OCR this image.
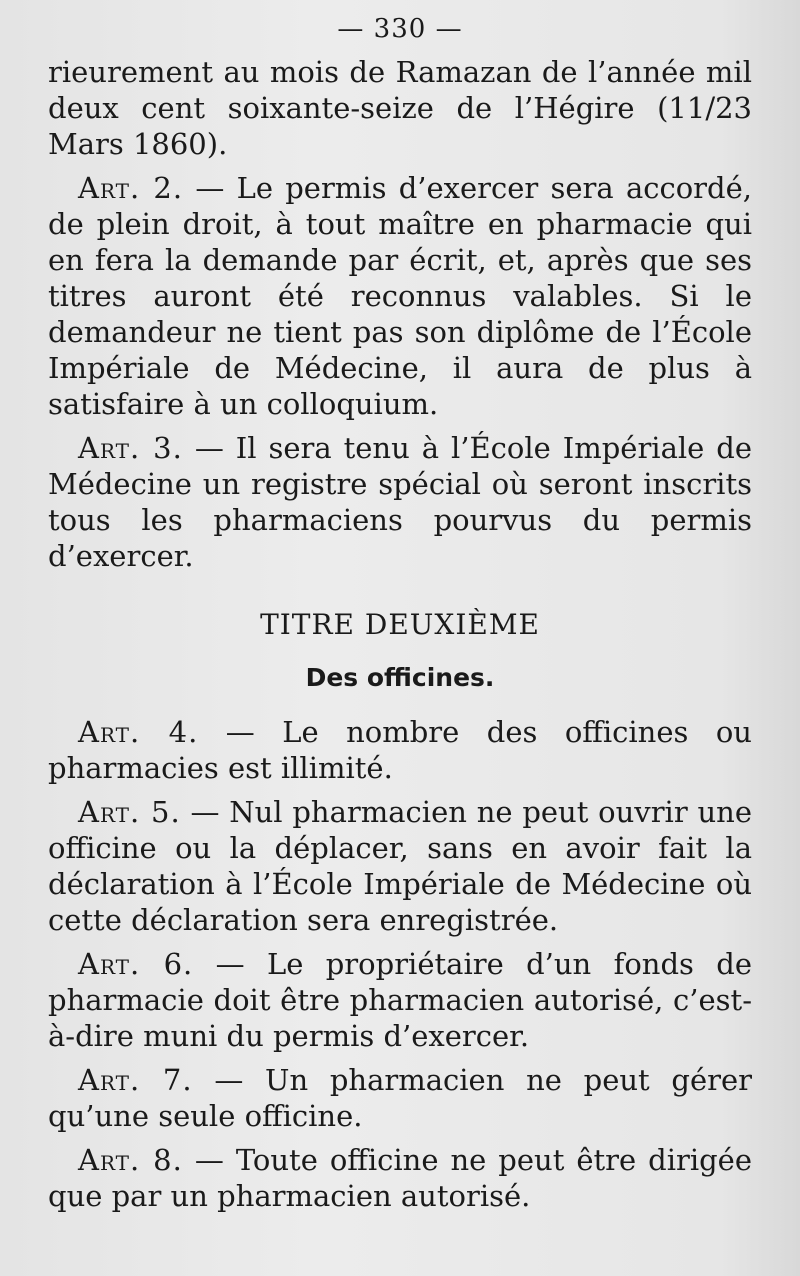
— 330 —

rieurement au mois de Ramazan de l’année mil deux cent soixante-seize de l’Hégire (11/23 Mars 1860).

Art. 2. — Le permis d’exercer sera accordé, de plein droit, à tout maître en pharmacie qui en fera la demande par écrit, et, après que ses titres auront été reconnus valables. Si le demandeur ne tient pas son diplôme de l’École Impériale de Médecine, il aura de plus à satisfaire à un colloquium.

Art. 3. — Il sera tenu à l’École Impériale de Médecine un registre spécial où seront inscrits tous les pharmaciens pourvus du permis d’exercer.

TITRE DEUXIÈME
Des officines.

Art. 4. — Le nombre des officines ou pharmacies est illimité.

Art. 5. — Nul pharmacien ne peut ouvrir une officine ou la déplacer, sans en avoir fait la déclaration à l’École Impériale de Médecine où cette déclaration sera enregistrée.

Art. 6. — Le propriétaire d’un fonds de pharmacie doit être pharmacien autorisé, c’est-à-dire muni du permis d’exercer.

Art. 7. — Un pharmacien ne peut gérer qu’une seule officine.

Art. 8. — Toute officine ne peut être dirigée que par un pharmacien autorisé.
